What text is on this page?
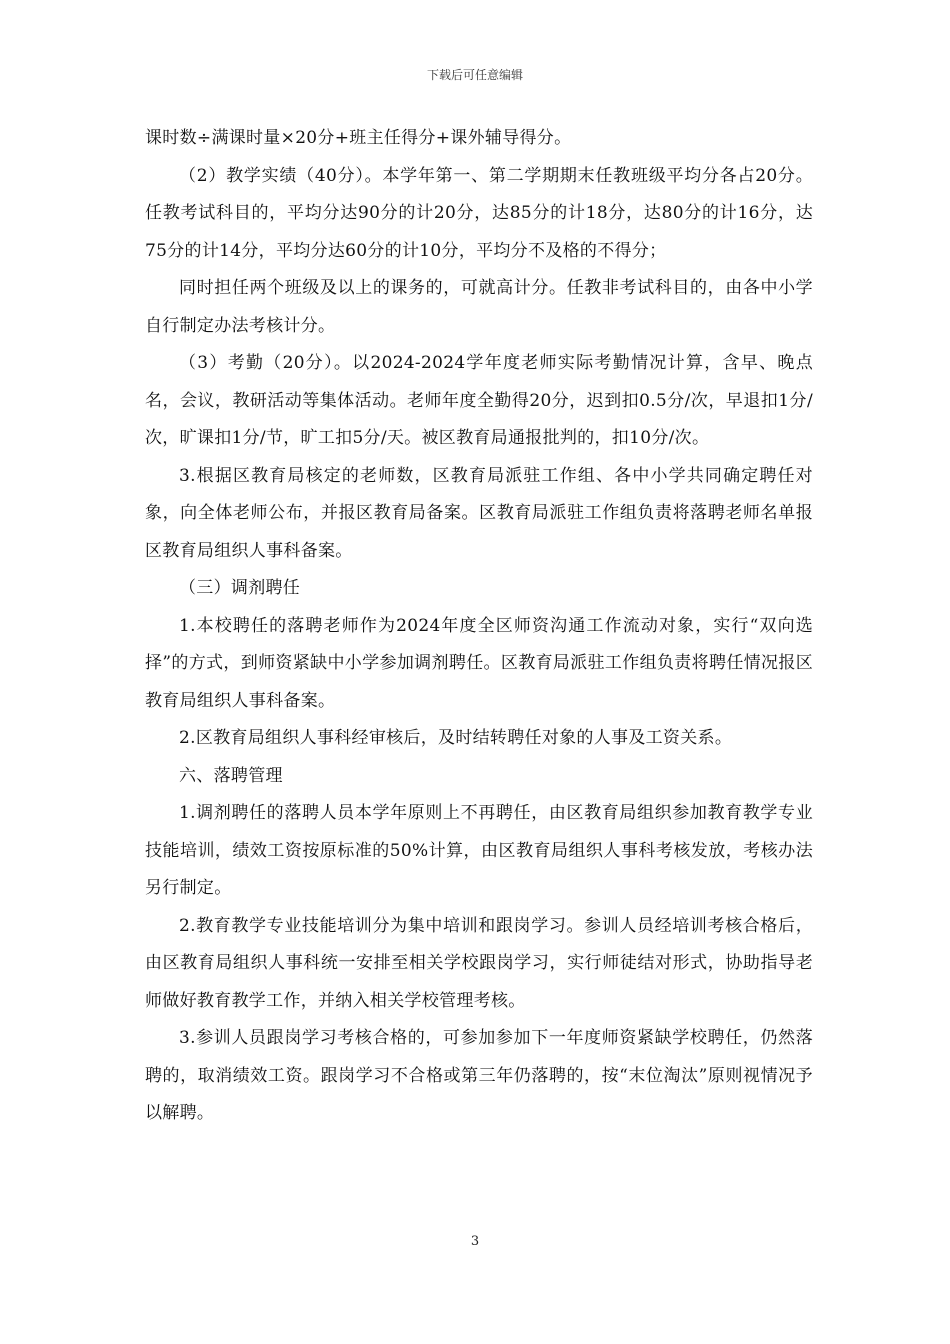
下载后可任意编辑

课时数÷满课时量×20分+班主任得分+课外辅导得分。

（2）教学实绩（40分）。本学年第一、第二学期期末任教班级平均分各占20分。任教考试科目的，平均分达90分的计20分，达85分的计18分，达80分的计16分，达75分的计14分，平均分达60分的计10分，平均分不及格的不得分；

同时担任两个班级及以上的课务的，可就高计分。任教非考试科目的，由各中小学自行制定办法考核计分。

（3）考勤（20分）。以2024-2024学年度老师实际考勤情况计算，含早、晚点名，会议，教研活动等集体活动。老师年度全勤得20分，迟到扣0.5分/次，早退扣1分/次，旷课扣1分/节，旷工扣5分/天。被区教育局通报批判的，扣10分/次。

3.根据区教育局核定的老师数，区教育局派驻工作组、各中小学共同确定聘任对象，向全体老师公布，并报区教育局备案。区教育局派驻工作组负责将落聘老师名单报区教育局组织人事科备案。

（三）调剂聘任

1.本校聘任的落聘老师作为2024年度全区师资沟通工作流动对象，实行“双向选择”的方式，到师资紧缺中小学参加调剂聘任。区教育局派驻工作组负责将聘任情况报区教育局组织人事科备案。

2.区教育局组织人事科经审核后，及时结转聘任对象的人事及工资关系。

六、落聘管理

1.调剂聘任的落聘人员本学年原则上不再聘任，由区教育局组织参加教育教学专业技能培训，绩效工资按原标准的50%计算，由区教育局组织人事科考核发放，考核办法另行制定。

2.教育教学专业技能培训分为集中培训和跟岗学习。参训人员经培训考核合格后，由区教育局组织人事科统一安排至相关学校跟岗学习，实行师徒结对形式，协助指导老师做好教育教学工作，并纳入相关学校管理考核。

3.参训人员跟岗学习考核合格的，可参加参加下一年度师资紧缺学校聘任，仍然落聘的，取消绩效工资。跟岗学习不合格或第三年仍落聘的，按“末位淘汰”原则视情况予以解聘。

3
